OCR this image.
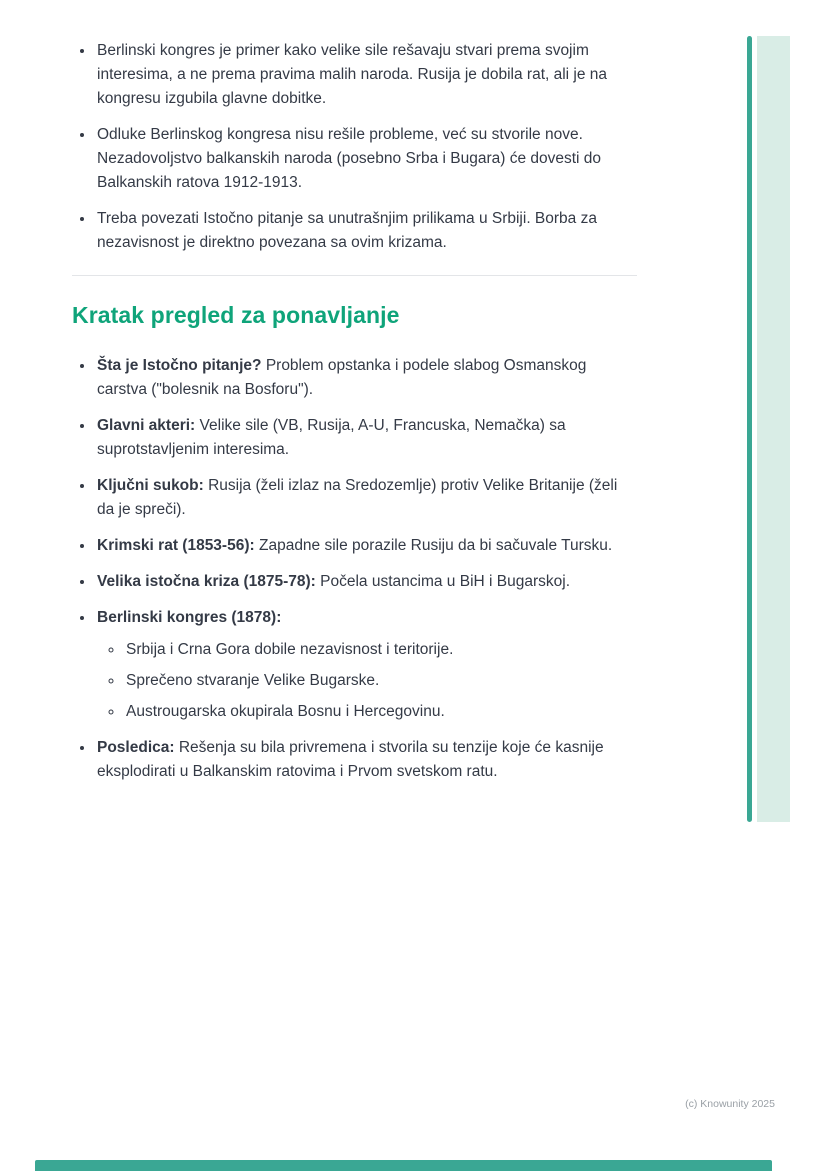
• Berlinski kongres je primer kako velike sile rešavaju stvari prema svojim interesima, a ne prema pravima malih naroda. Rusija je dobila rat, ali je na kongresu izgubila glavne dobitke.
• Odluke Berlinskog kongresa nisu rešile probleme, već su stvorile nove. Nezadovoljstvo balkanskih naroda (posebno Srba i Bugara) će dovesti do Balkanskih ratova 1912-1913.
• Treba povezati Istočno pitanje sa unutrašnjim prilikama u Srbiji. Borba za nezavisnost je direktno povezana sa ovim krizama.
Kratak pregled za ponavljanje
• Šta je Istočno pitanje? Problem opstanka i podele slabog Osmanskog carstva ("bolesnik na Bosforu").
• Glavni akteri: Velike sile (VB, Rusija, A-U, Francuska, Nemačka) sa suprotstavljenim interesima.
• Ključni sukob: Rusija (želi izlaz na Sredozemlje) protiv Velike Britanije (želi da je spreči).
• Krimski rat (1853-56): Zapadne sile porazile Rusiju da bi sačuvale Tursku.
• Velika istočna kriza (1875-78): Počela ustancima u BiH i Bugarskoj.
• Berlinski kongres (1878):
◦ Srbija i Crna Gora dobile nezavisnost i teritorije.
◦ Sprečeno stvaranje Velike Bugarske.
◦ Austrougarska okupirala Bosnu i Hercegovinu.
• Posledica: Rešenja su bila privremena i stvorila su tenzije koje će kasnije eksplodirati u Balkanskim ratovima i Prvom svetskom ratu.
(c) Knowunity 2025
